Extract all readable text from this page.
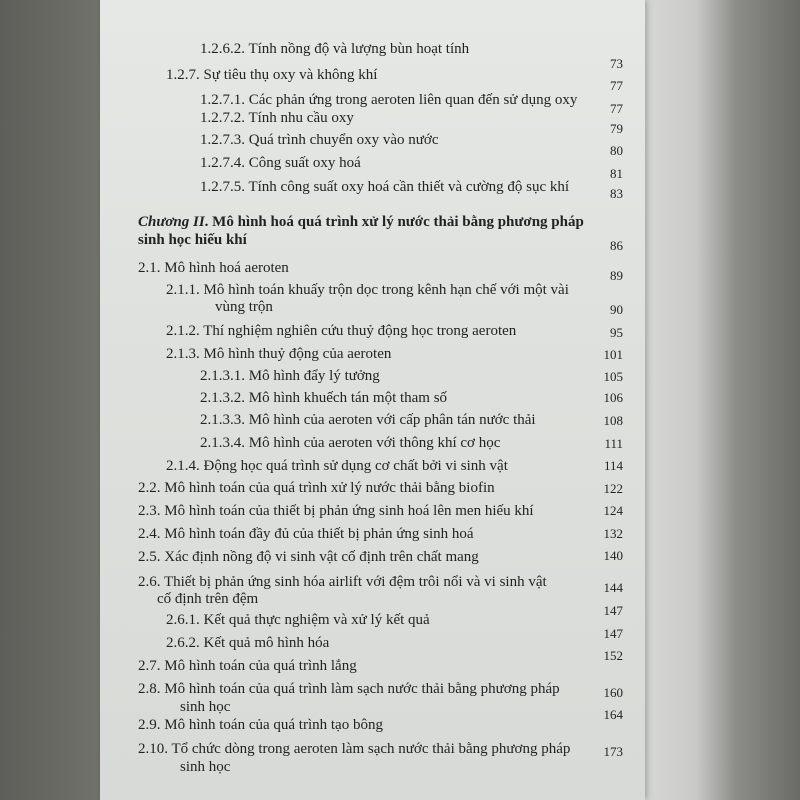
1.2.6.2. Tính nồng độ và lượng bùn hoạt tính
73
1.2.7. Sự tiêu thụ oxy và không khí
77
1.2.7.1. Các phản ứng trong aeroten liên quan đến sử dụng oxy
77
1.2.7.2. Tính nhu cầu oxy
79
1.2.7.3. Quá trình chuyển oxy vào nước
80
1.2.7.4. Công suất oxy hoá
81
1.2.7.5. Tính công suất oxy hoá cần thiết và cường độ sục khí	83
Chương II. Mô hình hoá quá trình xử lý nước thải bằng phương pháp
sinh học hiếu khí	86
2.1. Mô hình hoá aeroten	89
2.1.1. Mô hình toán khuấy trộn dọc trong kênh hạn chế với một vài
vùng trộn	90
2.1.2. Thí nghiệm nghiên cứu thuỷ động học trong aeroten	95
2.1.3. Mô hình thuỷ động của aeroten	101
2.1.3.1. Mô hình đẩy lý tưởng	105
2.1.3.2. Mô hình khuếch tán một tham số	106
2.1.3.3. Mô hình của aeroten với cấp phân tán nước thải	108
2.1.3.4. Mô hình của aeroten với thông khí cơ học	111
2.1.4. Động học quá trình sử dụng cơ chất bởi vi sinh vật	114
2.2. Mô hình toán của quá trình xử lý nước thải bằng biofin	122
2.3. Mô hình toán của thiết bị phản ứng sinh hoá lên men hiếu khí	124
2.4. Mô hình toán đầy đủ của thiết bị phản ứng sinh hoá	132
2.5. Xác định nồng độ vi sinh vật cố định trên chất mang	140
2.6. Thiết bị phản ứng sinh hóa airlift với đệm trôi nổi và vi sinh vật
cố định trên đệm
144
2.6.1. Kết quả thực nghiệm và xử lý kết quả
147
2.6.2. Kết quả mô hình hóa
147
2.7. Mô hình toán của quá trình lắng
152
2.8. Mô hình toán của quá trình làm sạch nước thải bằng phương pháp
sinh học
160
2.9. Mô hình toán của quá trình tạo bông
164
2.10. Tổ chức dòng trong aeroten làm sạch nước thải bằng phương pháp
sinh học
173
